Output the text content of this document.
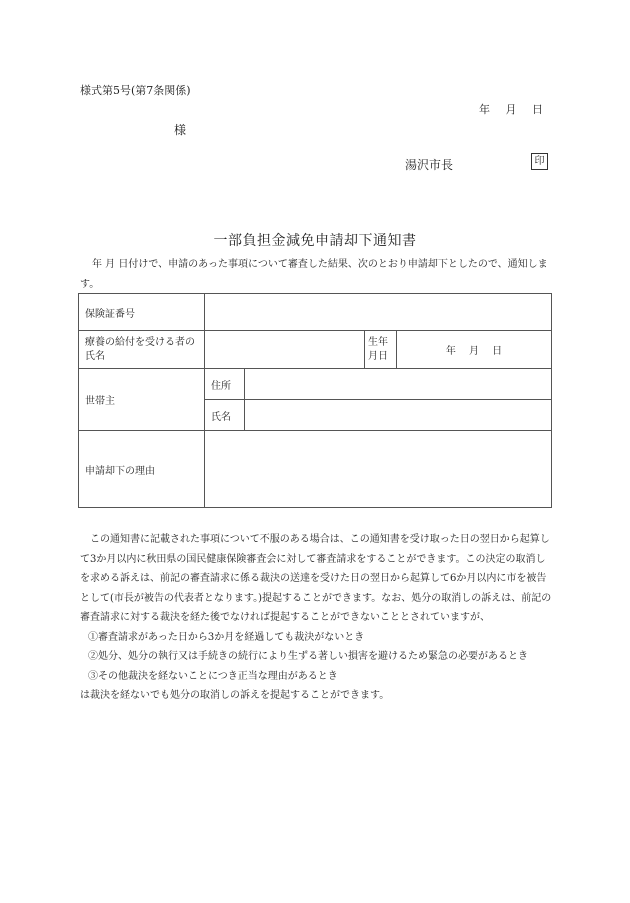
様式第5号(第7条関係)
年 月 日
様
湯沢市長	印
一部負担金減免申請却下通知書

年 月 日付けで、申請のあった事項について審査した結果、次のとおり申請却下としたので、通知します。

保険証番号				
療養の給付を受ける者の氏名			生年月日	年 月 日
世帯主	住所			
	氏名			
申請却下の理由				

この通知書に記載された事項について不服のある場合は、この通知書を受け取った日の翌日から起算して3か月以内に秋田県の国民健康保険審査会に対して審査請求をすることができます。この決定の取消しを求める訴えは、前記の審査請求に係る裁決の送達を受けた日の翌日から起算して6か月以内に市を被告として(市長が被告の代表者となります。)提起することができます。なお、処分の取消しの訴えは、前記の審査請求に対する裁決を経た後でなければ提起することができないこととされていますが、

①審査請求があった日から3か月を経過しても裁決がないとき

②処分、処分の執行又は手続きの続行により生ずる著しい損害を避けるため緊急の必要があるとき

③その他裁決を経ないことにつき正当な理由があるとき

は裁決を経ないでも処分の取消しの訴えを提起することができます。
